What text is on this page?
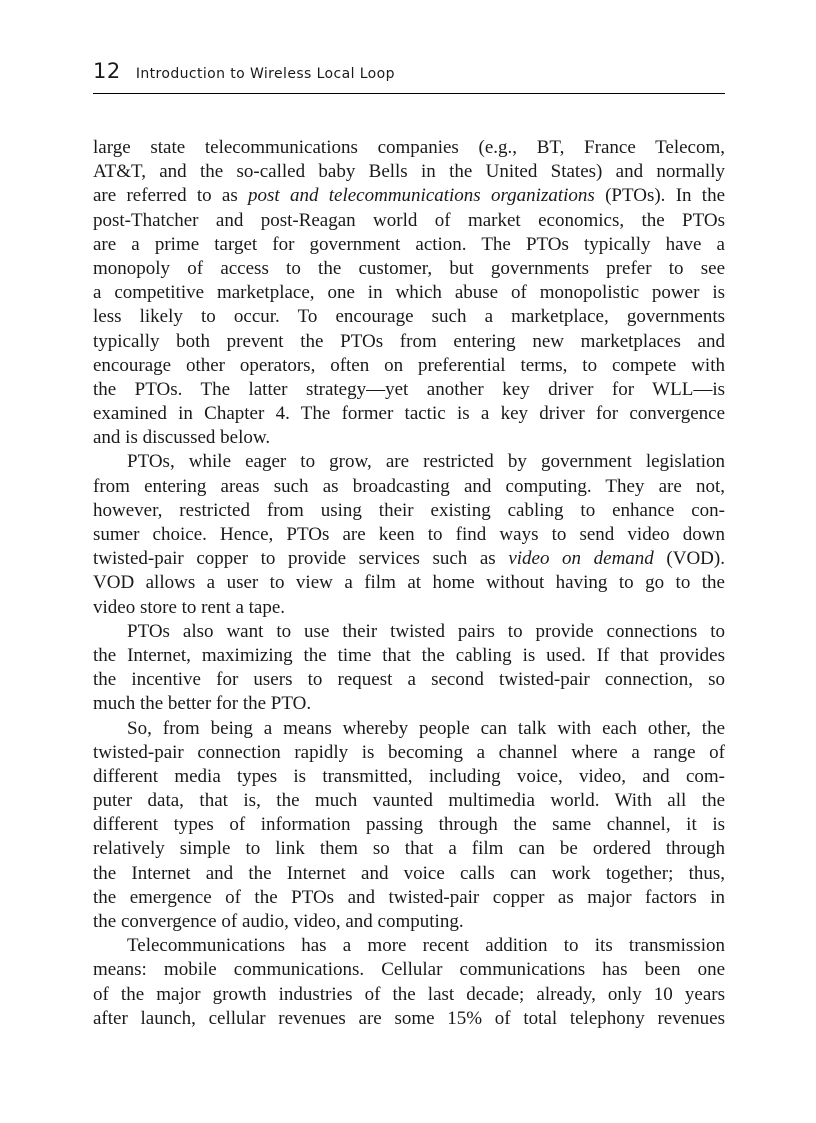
12 Introduction to Wireless Local Loop
large state telecommunications companies (e.g., BT, France Telecom,
AT&T, and the so-called baby Bells in the United States) and normally
are referred to as post and telecommunications organizations (PTOs). In the
post-Thatcher and post-Reagan world of market economics, the PTOs
are a prime target for government action. The PTOs typically have a
monopoly of access to the customer, but governments prefer to see
a competitive marketplace, one in which abuse of monopolistic power is
less likely to occur. To encourage such a marketplace, governments
typically both prevent the PTOs from entering new marketplaces and
encourage other operators, often on preferential terms, to compete with
the PTOs. The latter strategy—yet another key driver for WLL—is
examined in Chapter 4. The former tactic is a key driver for convergence
and is discussed below.
PTOs, while eager to grow, are restricted by government legislation
from entering areas such as broadcasting and computing. They are not,
however, restricted from using their existing cabling to enhance con-
sumer choice. Hence, PTOs are keen to find ways to send video down
twisted-pair copper to provide services such as video on demand (VOD).
VOD allows a user to view a film at home without having to go to the
video store to rent a tape.
PTOs also want to use their twisted pairs to provide connections to
the Internet, maximizing the time that the cabling is used. If that provides
the incentive for users to request a second twisted-pair connection, so
much the better for the PTO.
So, from being a means whereby people can talk with each other, the
twisted-pair connection rapidly is becoming a channel where a range of
different media types is transmitted, including voice, video, and com-
puter data, that is, the much vaunted multimedia world. With all the
different types of information passing through the same channel, it is
relatively simple to link them so that a film can be ordered through
the Internet and the Internet and voice calls can work together; thus,
the emergence of the PTOs and twisted-pair copper as major factors in
the convergence of audio, video, and computing.
Telecommunications has a more recent addition to its transmission
means: mobile communications. Cellular communications has been one
of the major growth industries of the last decade; already, only 10 years
after launch, cellular revenues are some 15% of total telephony revenues
